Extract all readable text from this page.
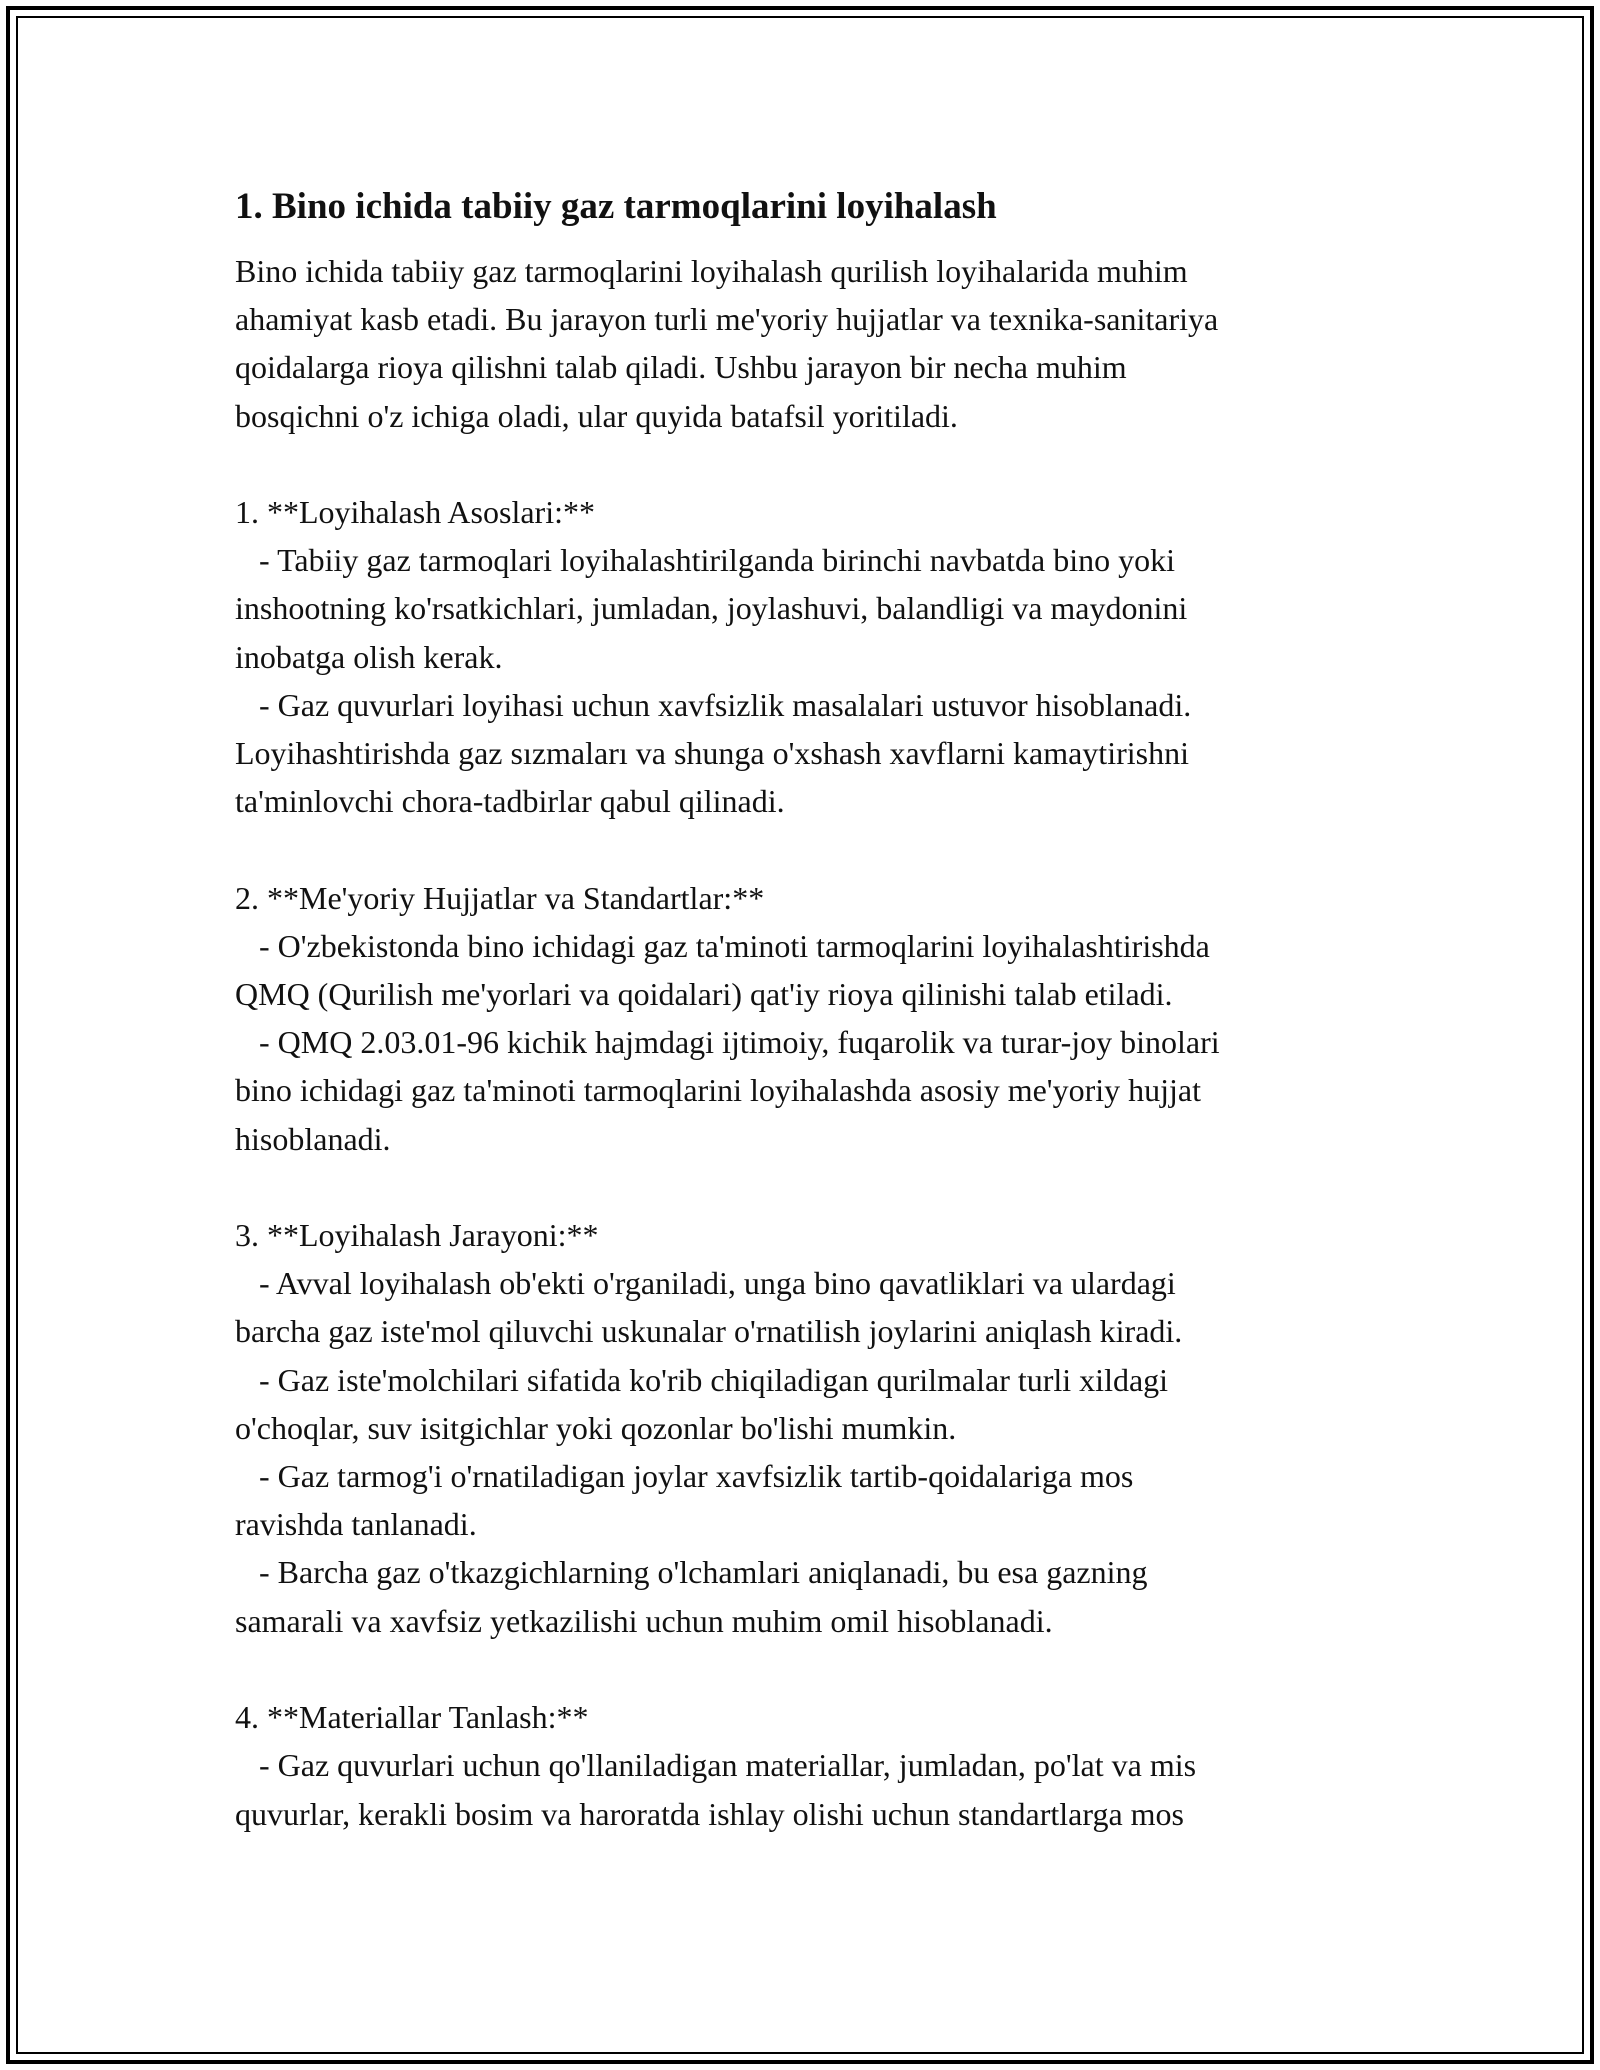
1. Bino ichida tabiiy gaz tarmoqlarini loyihalash

Bino ichida tabiiy gaz tarmoqlarini loyihalash qurilish loyihalarida muhim
ahamiyat kasb etadi. Bu jarayon turli me'yoriy hujjatlar va texnika-sanitariya
qoidalarga rioya qilishni talab qiladi. Ushbu jarayon bir necha muhim
bosqichni o'z ichiga oladi, ular quyida batafsil yoritiladi.

1. **Loyihalash Asoslari:**
- Tabiiy gaz tarmoqlari loyihalashtirilganda birinchi navbatda bino yoki
inshootning ko'rsatkichlari, jumladan, joylashuvi, balandligi va maydonini
inobatga olish kerak.
- Gaz quvurlari loyihasi uchun xavfsizlik masalalari ustuvor hisoblanadi.
Loyihashtirishda gaz sızmaları va shunga o'xshash xavflarni kamaytirishni
ta'minlovchi chora-tadbirlar qabul qilinadi.

2. **Me'yoriy Hujjatlar va Standartlar:**
- O'zbekistonda bino ichidagi gaz ta'minoti tarmoqlarini loyihalashtirishda
QMQ (Qurilish me'yorlari va qoidalari) qat'iy rioya qilinishi talab etiladi.
- QMQ 2.03.01-96 kichik hajmdagi ijtimoiy, fuqarolik va turar-joy binolari
bino ichidagi gaz ta'minoti tarmoqlarini loyihalashda asosiy me'yoriy hujjat
hisoblanadi.

3. **Loyihalash Jarayoni:**
- Avval loyihalash ob'ekti o'rganiladi, unga bino qavatliklari va ulardagi
barcha gaz iste'mol qiluvchi uskunalar o'rnatilish joylarini aniqlash kiradi.
- Gaz iste'molchilari sifatida ko'rib chiqiladigan qurilmalar turli xildagi
o'choqlar, suv isitgichlar yoki qozonlar bo'lishi mumkin.
- Gaz tarmog'i o'rnatiladigan joylar xavfsizlik tartib-qoidalariga mos
ravishda tanlanadi.
- Barcha gaz o'tkazgichlarning o'lchamlari aniqlanadi, bu esa gazning
samarali va xavfsiz yetkazilishi uchun muhim omil hisoblanadi.

4. **Materiallar Tanlash:**
- Gaz quvurlari uchun qo'llaniladigan materiallar, jumladan, po'lat va mis
quvurlar, kerakli bosim va haroratda ishlay olishi uchun standartlarga mos
